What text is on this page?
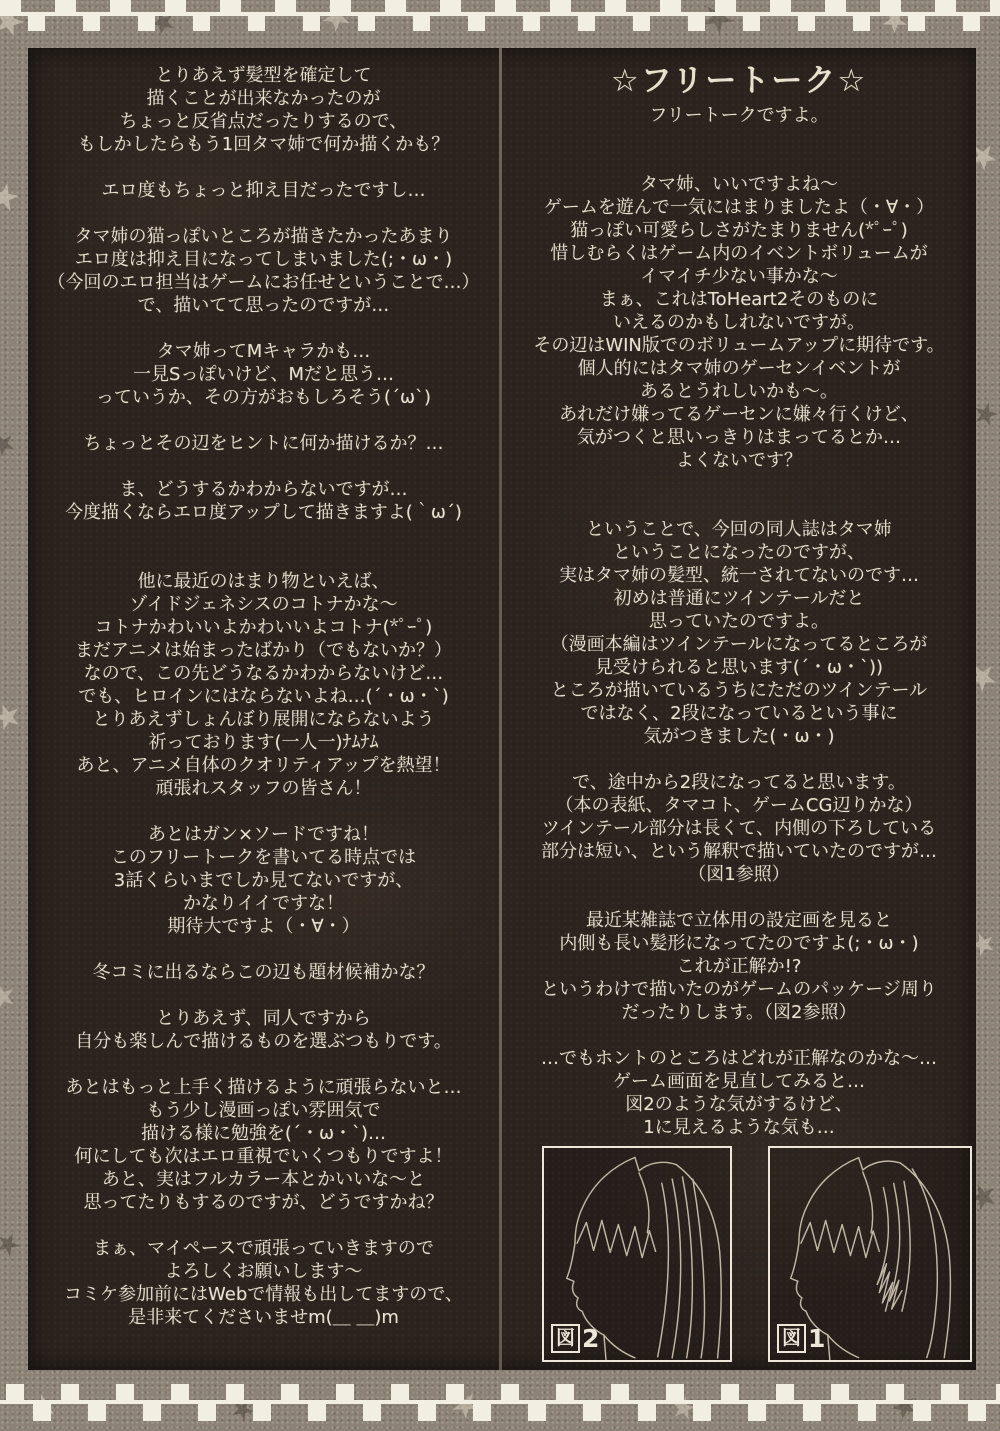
★
★
★
★
★
★
★
★
★
★
★
★
★
★
★
★
★
★
★
★
★
とりあえず髪型を確定して
描くことが出来なかったのが
ちょっと反省点だったりするので、
もしかしたらもう1回タマ姉で何か描くかも？
エロ度もちょっと抑え目だったですし…
タマ姉の猫っぽいところが描きたかったあまり
エロ度は抑え目になってしまいました(;・ω・)
（今回のエロ担当はゲームにお任せということで…）
で、描いてて思ったのですが…
タマ姉ってMキャラかも…
一見Sっぽいけど、Mだと思う…
っていうか、その方がおもしろそう(´ω`)
ちょっとその辺をヒントに何か描けるか？…
ま、どうするかわからないですが…
今度描くならエロ度アップして描きますよ(｀ω´)
他に最近のはまり物といえば、
ゾイドジェネシスのコトナかな～
コトナかわいいよかわいいよコトナ(*ﾟｰﾟ)
まだアニメは始まったばかり（でもないか？）
なので、この先どうなるかわからないけど…
でも、ヒロインにはならないよね…(´・ω・`)
とりあえずしょんぼり展開にならないよう
祈っております(一人一)ﾅﾑﾅﾑ
あと、アニメ自体のクオリティアップを熱望！
頑張れスタッフの皆さん！
あとはガン×ソードですね！
このフリートークを書いてる時点では
3話くらいまでしか見てないですが、
かなりイイですな！
期待大ですよ（・∀・）
冬コミに出るならこの辺も題材候補かな？
とりあえず、同人ですから
自分も楽しんで描けるものを選ぶつもりです。
あとはもっと上手く描けるように頑張らないと…
もう少し漫画っぽい雰囲気で
描ける様に勉強を(´・ω・`)…
何にしても次はエロ重視でいくつもりですよ！
あと、実はフルカラー本とかいいな～と
思ってたりもするのですが、どうですかね？
まぁ、マイペースで頑張っていきますので
よろしくお願いします～
コミケ参加前にはWebで情報も出してますので、
是非来てくださいませm(＿ ＿)m
☆フリートーク☆
フリートークですよ。
タマ姉、いいですよね～
ゲームを遊んで一気にはまりましたよ（・∀・）
猫っぽい可愛らしさがたまりません(*ﾟｰﾟ)
惜しむらくはゲーム内のイベントボリュームが
イマイチ少ない事かな～
まぁ、これはToHeart2そのものに
いえるのかもしれないですが。
その辺はWIN版でのボリュームアップに期待です。
個人的にはタマ姉のゲーセンイベントが
あるとうれしいかも～。
あれだけ嫌ってるゲーセンに嫌々行くけど、
気がつくと思いっきりはまってるとか…
よくないです？
ということで、今回の同人誌はタマ姉
ということになったのですが、
実はタマ姉の髪型、統一されてないのです…
初めは普通にツインテールだと
思っていたのですよ。
（漫画本編はツインテールになってるところが
見受けられると思います(´・ω・`))
ところが描いているうちにただのツインテール
ではなく、2段になっているという事に
気がつきました(・ω・)
で、途中から2段になってると思います。
（本の表紙、タマコト、ゲームCG辺りかな）
ツインテール部分は長くて、内側の下ろしている
部分は短い、という解釈で描いていたのですが…
（図1参照）
最近某雑誌で立体用の設定画を見ると
内側も長い髪形になってたのですよ(;・ω・)
これが正解か!?
というわけで描いたのがゲームのパッケージ周り
だったりします。（図2参照）
…でもホントのところはどれが正解なのかな～…
ゲーム画面を見直してみると…
図2のような気がするけど、
1に見えるような気も…
図 2	図 1
